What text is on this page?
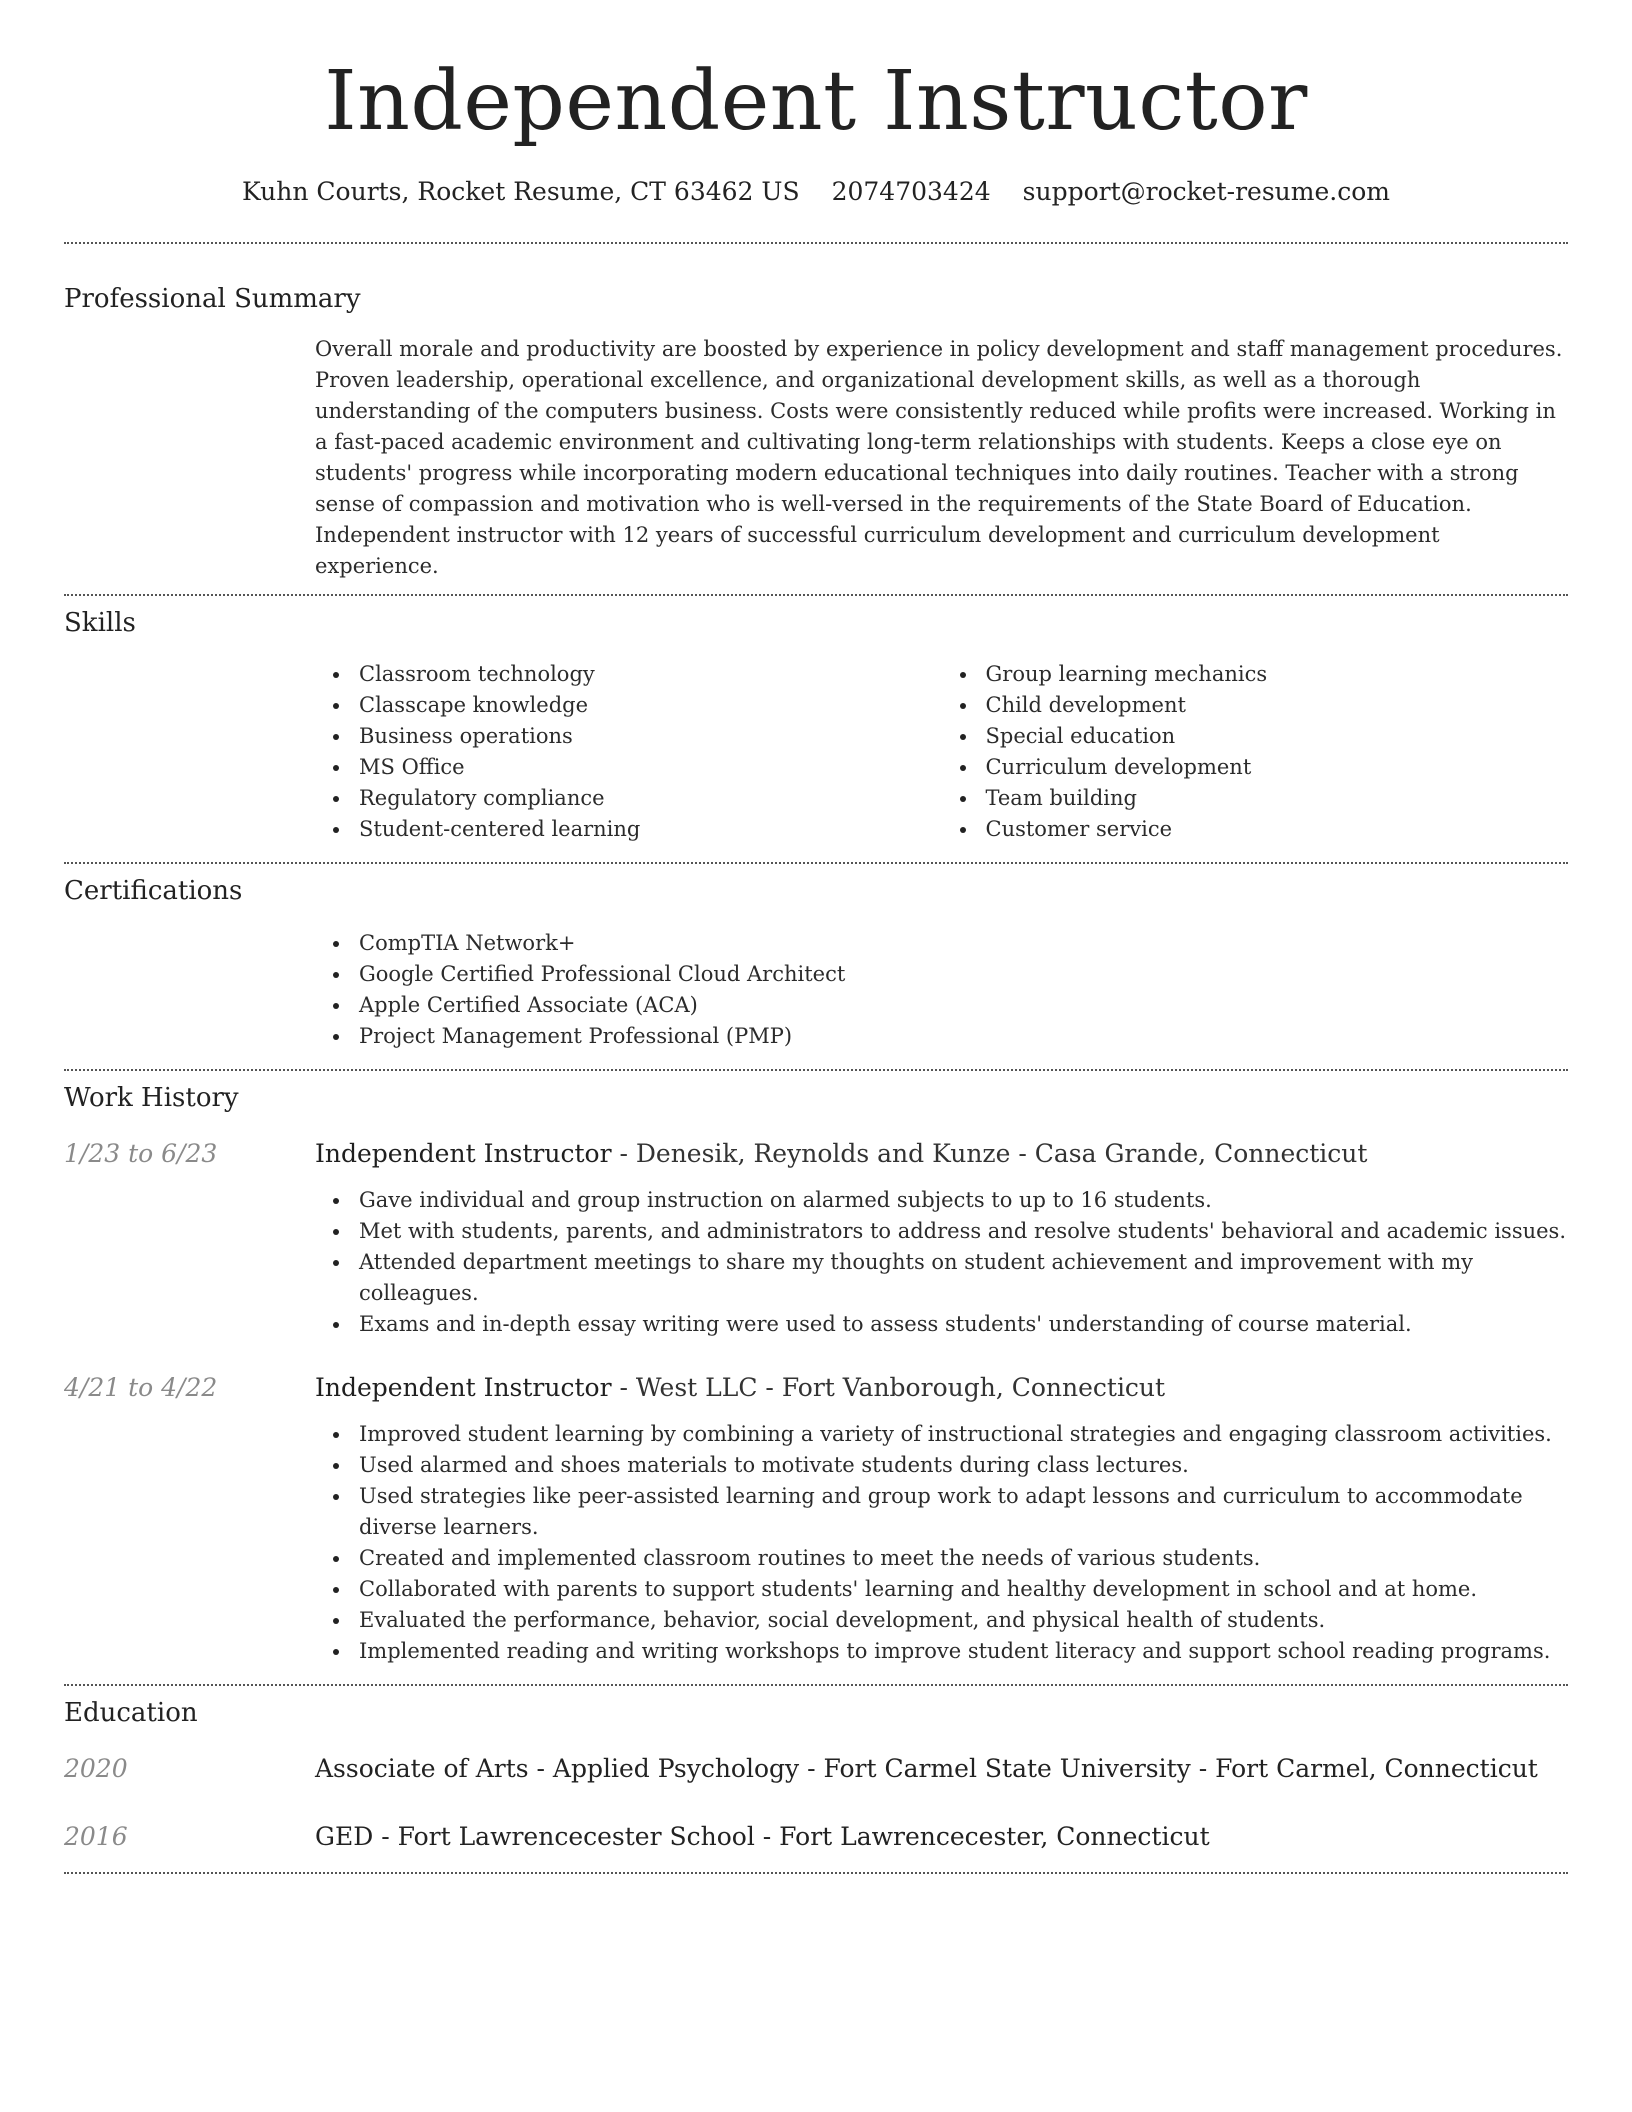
Independent Instructor
Kuhn Courts, Rocket Resume, CT 63462 US 2074703424 support@rocket-resume.com
Professional Summary

Overall morale and productivity are boosted by experience in policy development and staff management procedures. Proven leadership, operational excellence, and organizational development skills, as well as a thorough understanding of the computers business. Costs were consistently reduced while profits were increased. Working in a fast-paced academic environment and cultivating long-term relationships with students. Keeps a close eye on students' progress while incorporating modern educational techniques into daily routines. Teacher with a strong sense of compassion and motivation who is well-versed in the requirements of the State Board of Education. Independent instructor with 12 years of successful curriculum development and curriculum development experience.

Skills
Classroom technology
Classcape knowledge
Business operations
MS Office
Regulatory compliance
Student-centered learning
Group learning mechanics
Child development
Special education
Curriculum development
Team building
Customer service
Certifications
CompTIA Network+
Google Certified Professional Cloud Architect
Apple Certified Associate (ACA)
Project Management Professional (PMP)
Work History
1/23 to 6/23	Independent Instructor - Denesik, Reynolds and Kunze - Casa Grande, Connecticut
Gave individual and group instruction on alarmed subjects to up to 16 students.
Met with students, parents, and administrators to address and resolve students' behavioral and academic issues.
Attended department meetings to share my thoughts on student achievement and improvement with my colleagues.
Exams and in-depth essay writing were used to assess students' understanding of course material.
4/21 to 4/22	Independent Instructor - West LLC - Fort Vanborough, Connecticut
Improved student learning by combining a variety of instructional strategies and engaging classroom activities.
Used alarmed and shoes materials to motivate students during class lectures.
Used strategies like peer-assisted learning and group work to adapt lessons and curriculum to accommodate diverse learners.
Created and implemented classroom routines to meet the needs of various students.
Collaborated with parents to support students' learning and healthy development in school and at home.
Evaluated the performance, behavior, social development, and physical health of students.
Implemented reading and writing workshops to improve student literacy and support school reading programs.
Education
2020	Associate of Arts - Applied Psychology - Fort Carmel State University - Fort Carmel, Connecticut
2016	GED - Fort Lawrencecester School - Fort Lawrencecester, Connecticut
